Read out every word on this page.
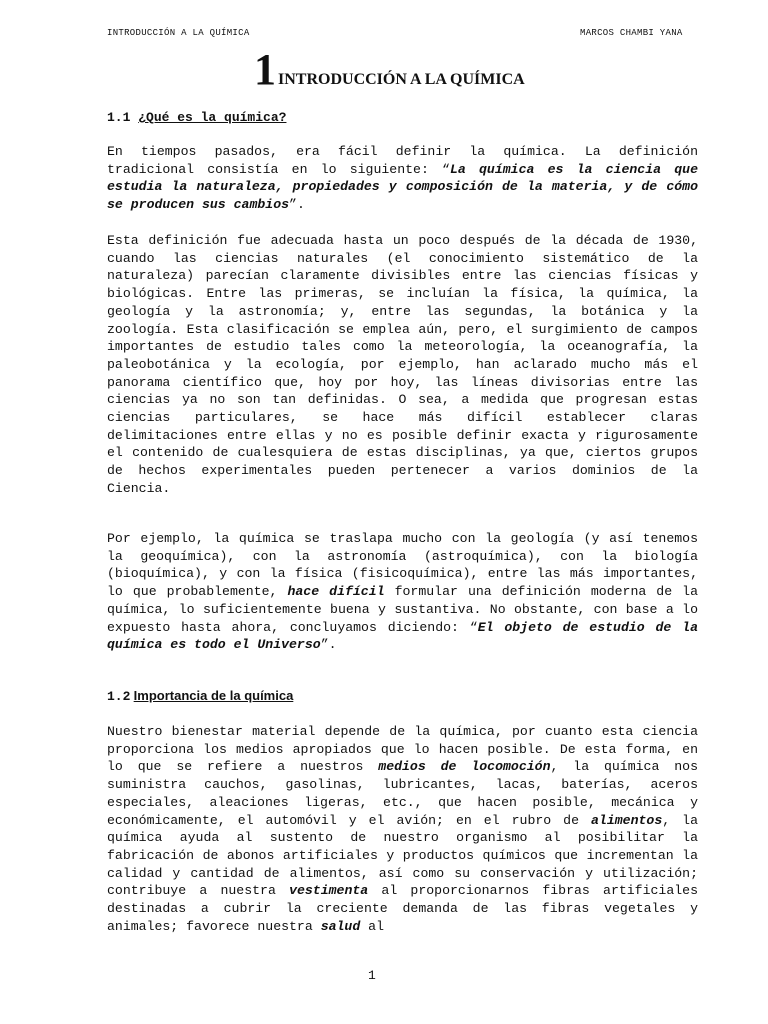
INTRODUCCIÓN A LA QUÍMICA	MARCOS CHAMBI YANA
1 INTRODUCCIÓN A LA QUÍMICA
1.1 ¿Qué es la química?

En tiempos pasados, era fácil definir la química. La definición tradicional consistía en lo siguiente: “La química es la ciencia que estudia la naturaleza, propiedades y composición de la materia, y de cómo se producen sus cambios”.

Esta definición fue adecuada hasta un poco después de la década de 1930, cuando las ciencias naturales (el conocimiento sistemático de la naturaleza) parecían claramente divisibles entre las ciencias físicas y biológicas. Entre las primeras, se incluían la física, la química, la geología y la astronomía; y, entre las segundas, la botánica y la zoología. Esta clasificación se emplea aún, pero, el surgimiento de campos importantes de estudio tales como la meteorología, la oceanografía, la paleobotánica y la ecología, por ejemplo, han aclarado mucho más el panorama científico que, hoy por hoy, las líneas divisorias entre las ciencias ya no son tan definidas. O sea, a medida que progresan estas ciencias particulares, se hace más difícil establecer claras delimitaciones entre ellas y no es posible definir exacta y rigurosamente el contenido de cualesquiera de estas disciplinas, ya que, ciertos grupos de hechos experimentales pueden pertenecer a varios dominios de la Ciencia.

Por ejemplo, la química se traslapa mucho con la geología (y así tenemos la geoquímica), con la astronomía (astroquímica), con la biología (bioquímica), y con la física (fisicoquímica), entre las más importantes, lo que probablemente, hace difícil formular una definición moderna de la química, lo suficientemente buena y sustantiva. No obstante, con base a lo expuesto hasta ahora, concluyamos diciendo: “El objeto de estudio de la química es todo el Universo”.

1.2 Importancia de la química

Nuestro bienestar material depende de la química, por cuanto esta ciencia proporciona los medios apropiados que lo hacen posible. De esta forma, en lo que se refiere a nuestros medios de locomoción, la química nos suministra cauchos, gasolinas, lubricantes, lacas, baterías, aceros especiales, aleaciones ligeras, etc., que hacen posible, mecánica y económicamente, el automóvil y el avión; en el rubro de alimentos, la química ayuda al sustento de nuestro organismo al posibilitar la fabricación de abonos artificiales y productos químicos que incrementan la calidad y cantidad de alimentos, así como su conservación y utilización; contribuye a nuestra vestimenta al proporcionarnos fibras artificiales destinadas a cubrir la creciente demanda de las fibras vegetales y animales; favorece nuestra salud al

1
